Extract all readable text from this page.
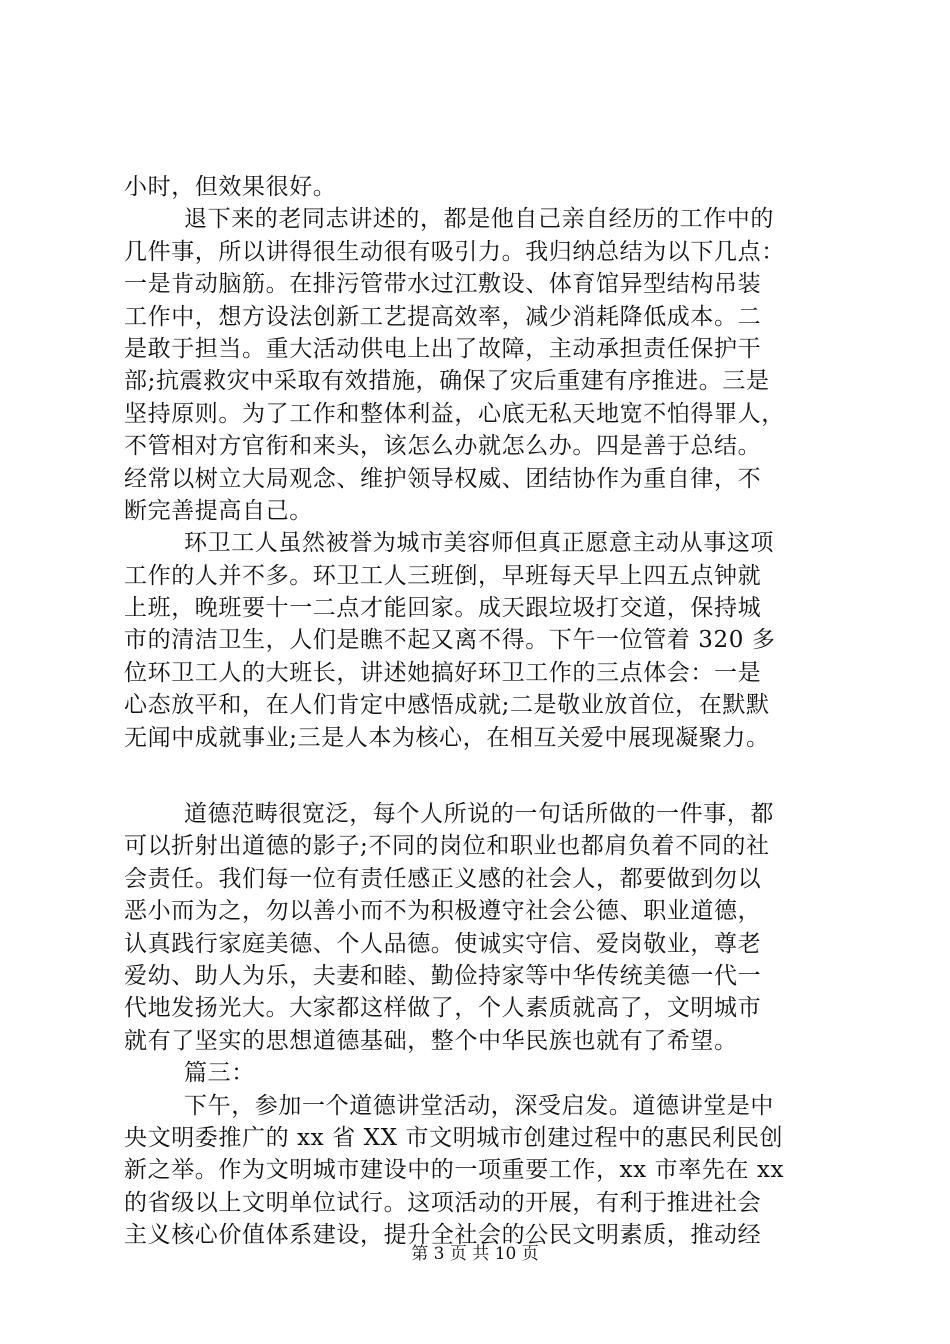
小时，但效果很好。
退下来的老同志讲述的，都是他自己亲自经历的工作中的
几件事，所以讲得很生动很有吸引力。我归纳总结为以下几点：
一是肯动脑筋。在排污管带水过江敷设、体育馆异型结构吊装
工作中，想方设法创新工艺提高效率，减少消耗降低成本。二
是敢于担当。重大活动供电上出了故障，主动承担责任保护干
部;抗震救灾中采取有效措施，确保了灾后重建有序推进。三是
坚持原则。为了工作和整体利益，心底无私天地宽不怕得罪人，
不管相对方官衔和来头，该怎么办就怎么办。四是善于总结。
经常以树立大局观念、维护领导权威、团结协作为重自律，不
断完善提高自己。
环卫工人虽然被誉为城市美容师但真正愿意主动从事这项
工作的人并不多。环卫工人三班倒，早班每天早上四五点钟就
上班，晚班要十一二点才能回家。成天跟垃圾打交道，保持城
市的清洁卫生，人们是瞧不起又离不得。下午一位管着 320 多
位环卫工人的大班长，讲述她搞好环卫工作的三点体会：一是
心态放平和，在人们肯定中感悟成就;二是敬业放首位，在默默
无闻中成就事业;三是人本为核心，在相互关爱中展现凝聚力。
道德范畴很宽泛，每个人所说的一句话所做的一件事，都
可以折射出道德的影子;不同的岗位和职业也都肩负着不同的社
会责任。我们每一位有责任感正义感的社会人，都要做到勿以
恶小而为之，勿以善小而不为积极遵守社会公德、职业道德，
认真践行家庭美德、个人品德。使诚实守信、爱岗敬业，尊老
爱幼、助人为乐，夫妻和睦、勤俭持家等中华传统美德一代一
代地发扬光大。大家都这样做了，个人素质就高了，文明城市
就有了坚实的思想道德基础，整个中华民族也就有了希望。
篇三：
下午，参加一个道德讲堂活动，深受启发。道德讲堂是中
央文明委推广的 xx 省 XX 市文明城市创建过程中的惠民利民创
新之举。作为文明城市建设中的一项重要工作，xx 市率先在 xx
的省级以上文明单位试行。这项活动的开展，有利于推进社会
主义核心价值体系建设，提升全社会的公民文明素质，推动经
第 3 页 共 10 页
